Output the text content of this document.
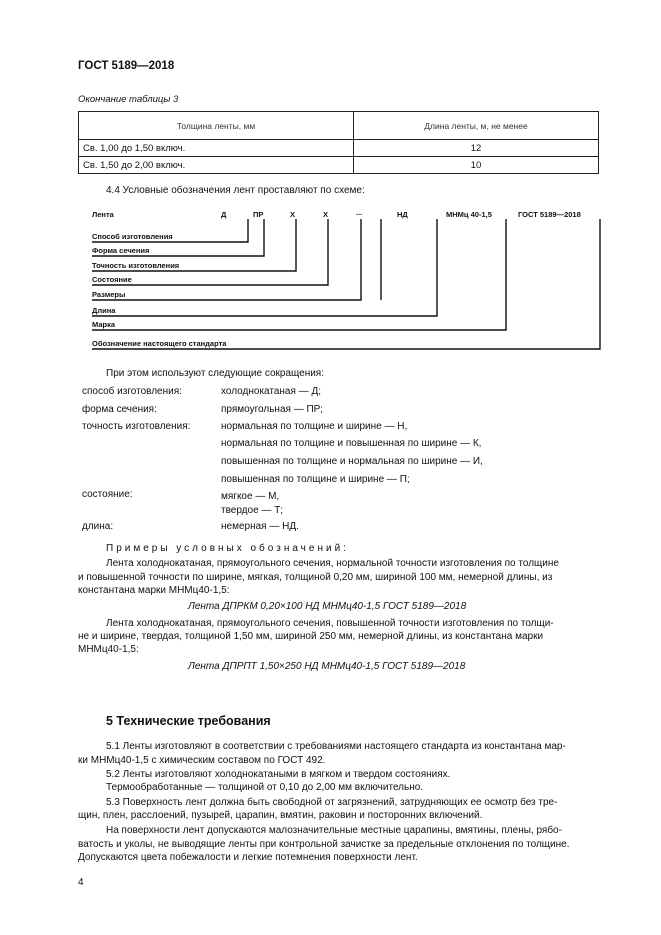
ГОСТ 5189—2018
Окончание таблицы 3
Толщина ленты, мм	Длина ленты, м, не менее
Св. 1,00 до 1,50 включ.	12
Св. 1,50 до 2,00 включ.	10
4.4 Условные обозначения лент проставляют по схеме:
Лента	Д	ПР	Х	Х	...	НД	МНМц 40-1,5	ГОСТ 5189—2018
Способ изготовления
Форма сечения
Точность изготовления
Состояние
Размеры
Длина
Марка
Обозначение настоящего стандарта
При этом используют следующие сокращения:
способ изготовления:	холоднокатаная — Д;
форма сечения:	прямоугольная — ПР;
точность изготовления:	нормальная по толщине и ширине — Н,
нормальная по толщине и повышенная по ширине — К,
повышенная по толщине и нормальная по ширине — И,
повышенная по толщине и ширине — П;
состояние:	мягкое — М,
твердое — Т;
длина:	немерная — НД.
Примеры условных обозначений:
Лента холоднокатаная, прямоугольного сечения, нормальной точности изготовления по толщине
и повышенной точности по ширине, мягкая, толщиной 0,20 мм, шириной 100 мм, немерной длины, из
константана марки МНМц40-1,5:
Лента ДПРКМ 0,20×100 НД МНМц40-1,5 ГОСТ 5189—2018
Лента холоднокатаная, прямоугольного сечения, повышенной точности изготовления по толщи-
не и ширине, твердая, толщиной 1,50 мм, шириной 250 мм, немерной длины, из константана марки
МНМц40-1,5:
Лента ДПРПТ 1,50×250 НД МНМц40-1,5 ГОСТ 5189—2018
5 Технические требования
5.1 Ленты изготовляют в соответствии с требованиями настоящего стандарта из константана мар-
ки МНМц40-1,5 с химическим составом по ГОСТ 492.
5.2 Ленты изготовляют холоднокатаными в мягком и твердом состояниях.
Термообработанные — толщиной от 0,10 до 2,00 мм включительно.
5.3 Поверхность лент должна быть свободной от загрязнений, затрудняющих ее осмотр без тре-
щин, плен, расслоений, пузырей, царапин, вмятин, раковин и посторонних включений.
На поверхности лент допускаются малозначительные местные царапины, вмятины, плены, рябо-
ватость и уколы, не выводящие ленты при контрольной зачистке за предельные отклонения по толщине.
Допускаются цвета побежалости и легкие потемнения поверхности лент.
4
